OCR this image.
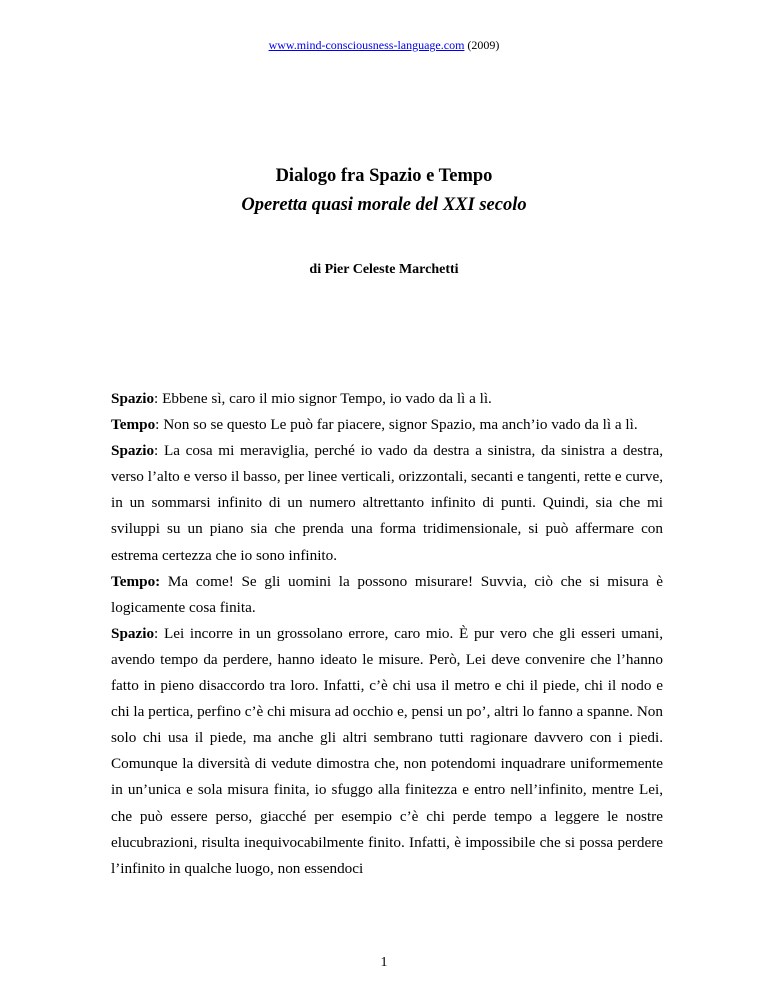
www.mind-consciousness-language.com (2009)
Dialogo fra Spazio e Tempo
Operetta quasi morale del XXI secolo
di Pier Celeste Marchetti

Spazio: Ebbene sì, caro il mio signor Tempo, io vado da lì a lì.

Tempo: Non so se questo Le può far piacere, signor Spazio, ma anch’io vado da lì a lì.

Spazio: La cosa mi meraviglia, perché io vado da destra a sinistra, da sinistra a destra, verso l’alto e verso il basso, per linee verticali, orizzontali, secanti e tangenti, rette e curve, in un sommarsi infinito di un numero altrettanto infinito di punti. Quindi, sia che mi sviluppi su un piano sia che prenda una forma tridimensionale, si può affermare con estrema certezza che io sono infinito.

Tempo: Ma come! Se gli uomini la possono misurare! Suvvia, ciò che si misura è logicamente cosa finita.

Spazio: Lei incorre in un grossolano errore, caro mio. È pur vero che gli esseri umani, avendo tempo da perdere, hanno ideato le misure. Però, Lei deve convenire che l’hanno fatto in pieno disaccordo tra loro. Infatti, c’è chi usa il metro e chi il piede, chi il nodo e chi la pertica, perfino c’è chi misura ad occhio e, pensi un po’, altri lo fanno a spanne. Non solo chi usa il piede, ma anche gli altri sembrano tutti ragionare davvero con i piedi. Comunque la diversità di vedute dimostra che, non potendomi inquadrare uniformemente in un’unica e sola misura finita, io sfuggo alla finitezza e entro nell’infinito, mentre Lei, che può essere perso, giacché per esempio c’è chi perde tempo a leggere le nostre elucubrazioni, risulta inequivocabilmente finito. Infatti, è impossibile che si possa perdere l’infinito in qualche luogo, non essendoci

1
